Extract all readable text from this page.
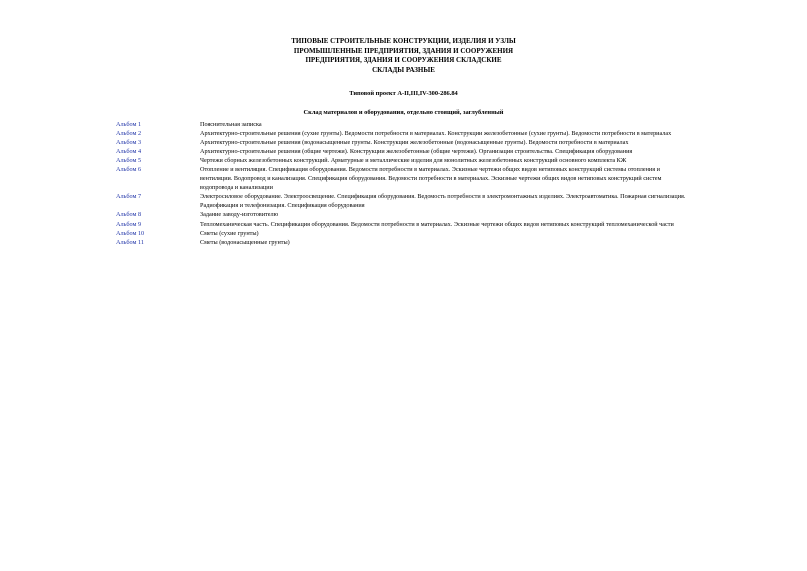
ТИПОВЫЕ СТРОИТЕЛЬНЫЕ КОНСТРУКЦИИ, ИЗДЕЛИЯ И УЗЛЫ
ПРОМЫШЛЕННЫЕ ПРЕДПРИЯТИЯ, ЗДАНИЯ И СООРУЖЕНИЯ
ПРЕДПРИЯТИЯ, ЗДАНИЯ И СООРУЖЕНИЯ СКЛАДСКИЕ
СКЛАДЫ РАЗНЫЕ
Типовой проект А-II,III,IV-300-286.84
Склад материалов и оборудования, отдельно стоящий, заглубленный
Альбом 1	Пояснительная записка
Альбом 2	Архитектурно-строительные решения (сухие грунты). Ведомости потребности в материалах. Конструкции железобетонные (сухие грунты). Ведомости потребности в материалах
Альбом 3	Архитектурно-строительные решения (водонасыщенные грунты. Конструкции железобетонные (водонасыщенные грунты). Ведомости потребности в материалах
Альбом 4	Архитектурно-строительные решения (общие чертежи). Конструкции железобетонные (общие чертежи). Организация строительства. Спецификация оборудования
Альбом 5	Чертежи сборных железобетонных конструкций. Арматурные и металлические изделия для монолитных железобетонных конструкций основного комплекта КЖ
Альбом 6	Отопление и вентиляция. Спецификация оборудования. Ведомости потребности в материалах. Эскизные чертежи общих видов нетиповых конструкций системы отопления и вентиляции. Водопровод и канализация. Спецификация оборудования. Ведомости потребности в материалах. Эскизные чертежи общих видов нетиповых конструкций систем водопровода и канализации
Альбом 7	Электросиловое оборудование. Электроосвещение. Спецификация оборудования. Ведомость потребности в электромонтажных изделиях. Электроавтоматика. Пожарная сигнализация. Радиофикация и телефонизация. Спецификация оборудования
Альбом 8	Задание заводу-изготовителю
Альбом 9	Тепломеханическая часть. Спецификация оборудования. Ведомости потребности в материалах. Эскизные чертежи общих видов нетиповых конструкций тепломеханической части
Альбом 10	Сметы (сухие грунты)
Альбом 11	Сметы (водонасыщенные грунты)
